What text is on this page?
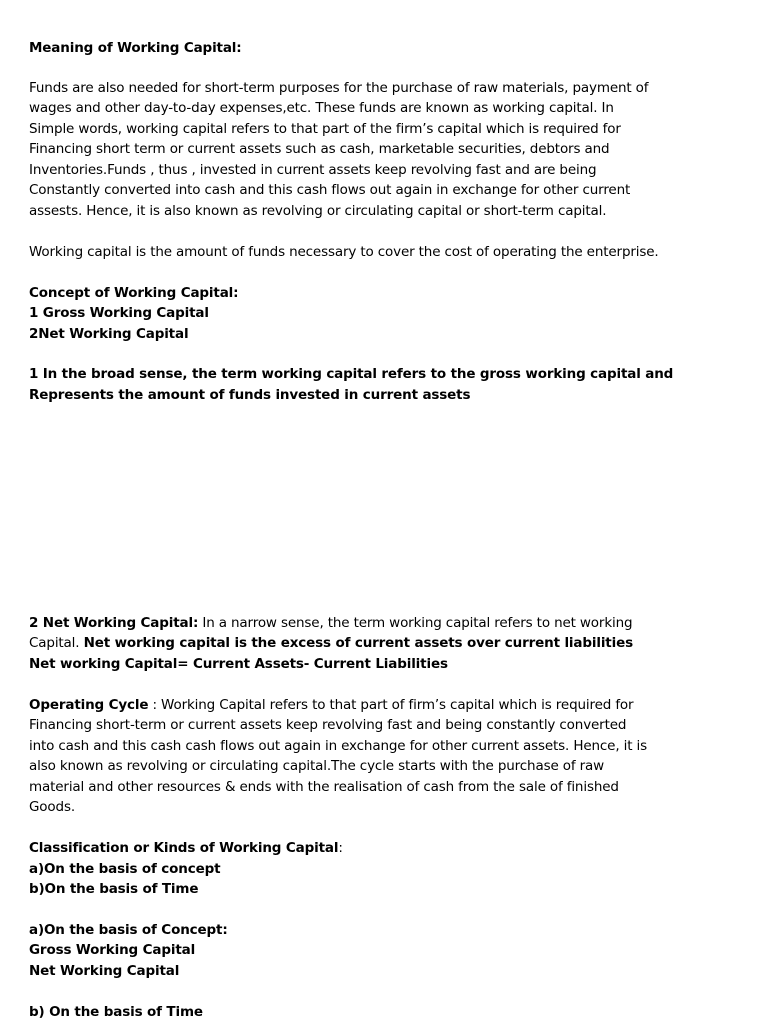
Meaning of Working Capital:

Funds are also needed for short-term purposes for the purchase of raw materials, payment of

wages and other day-to-day expenses,etc. These funds are known as working capital. In

Simple words, working capital refers to that part of the firm’s capital which is required for

Financing short term or current assets such as cash, marketable securities, debtors and

Inventories.Funds , thus , invested in current assets keep revolving fast and are being

Constantly converted into cash and this cash flows out again in exchange for other current

assests. Hence, it is also known as revolving or circulating capital or short-term capital.

Working capital is the amount of funds necessary to cover the cost of operating the enterprise.

Concept of Working Capital:

1 Gross Working Capital

2Net Working Capital

1 In the broad sense, the term working capital refers to the gross working capital and

Represents the amount of funds invested in current assets

2 Net Working Capital: In a narrow sense, the term working capital refers to net working

Capital. Net working capital is the excess of current assets over current liabilities

Net working Capital= Current Assets- Current Liabilities

Operating Cycle : Working Capital refers to that part of firm’s capital which is required for

Financing short-term or current assets keep revolving fast and being constantly converted

into cash and this cash cash flows out again in exchange for other current assets. Hence, it is

also known as revolving or circulating capital.The cycle starts with the purchase of raw

material and other resources & ends with the realisation of cash from the sale of finished

Goods.

Classification or Kinds of Working Capital:

a)On the basis of concept

b)On the basis of Time

a)On the basis of Concept:

Gross Working Capital

Net Working Capital

b) On the basis of Time
